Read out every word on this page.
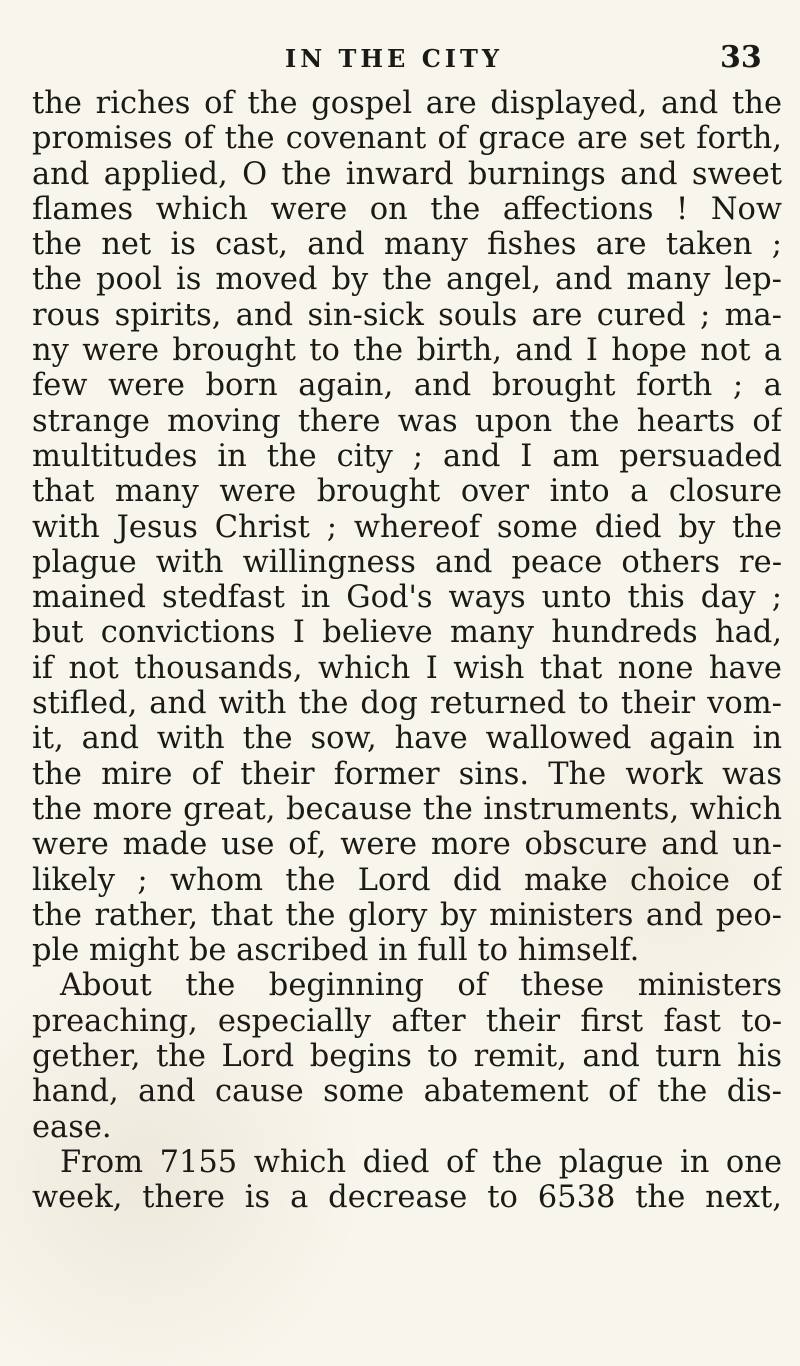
IN THE CITY	33
the riches of the gospel are displayed, and the
promises of the covenant of grace are set forth,
and applied, O the inward burnings and sweet
flames which were on the affections ! Now
the net is cast, and many fishes are taken ;
the pool is moved by the angel, and many lep-
rous spirits, and sin-sick souls are cured ; ma-
ny were brought to the birth, and I hope not a
few were born again, and brought forth ; a
strange moving there was upon the hearts of
multitudes in the city ; and I am persuaded
that many were brought over into a closure
with Jesus Christ ; whereof some died by the
plague with willingness and peace others re-
mained stedfast in God's ways unto this day ;
but convictions I believe many hundreds had,
if not thousands, which I wish that none have
stifled, and with the dog returned to their vom-
it, and with the sow, have wallowed again in
the mire of their former sins. The work was
the more great, because the instruments, which
were made use of, were more obscure and un-
likely ; whom the Lord did make choice of
the rather, that the glory by ministers and peo-
ple might be ascribed in full to himself.
About the beginning of these ministers
preaching, especially after their first fast to-
gether, the Lord begins to remit, and turn his
hand, and cause some abatement of the dis-
ease.
From 7155 which died of the plague in one
week, there is a decrease to 6538 the next,
